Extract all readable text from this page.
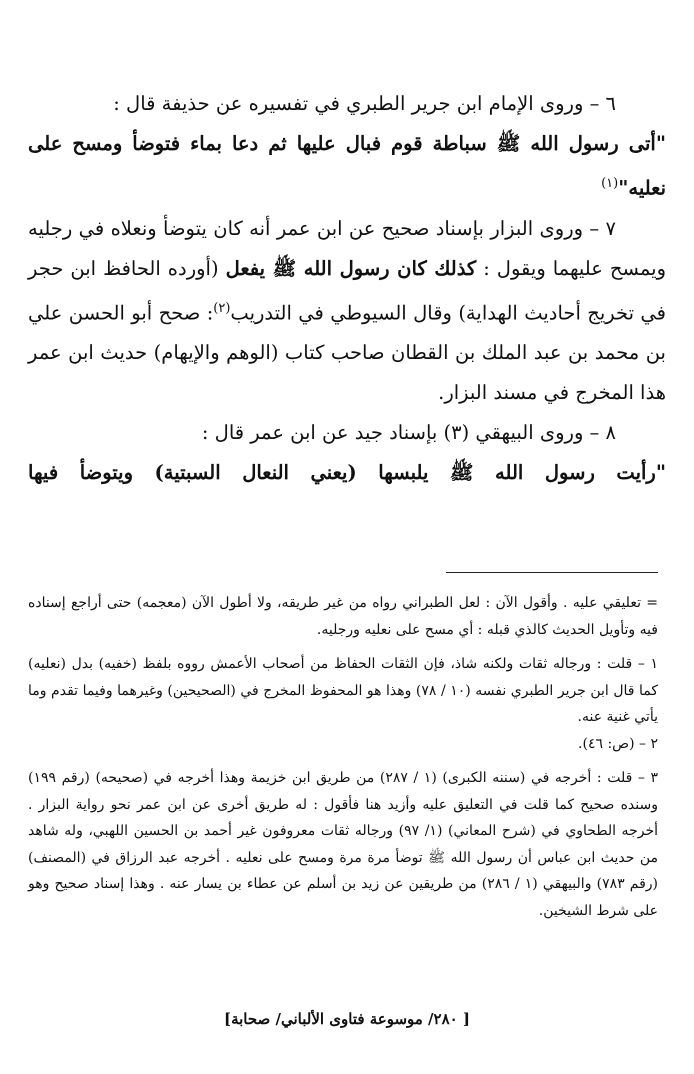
٦ – وروى الإمام ابن جرير الطبري في تفسيره عن حذيفة قال :

"أتى رسول الله ﷺ سباطة قوم فبال عليها ثم دعا بماء فتوضأ ومسح على نعليه"$^{(١)}$

٧ – وروى البزار بإسناد صحيح عن ابن عمر أنه كان يتوضأ ونعلاه في رجليه ويمسح عليهما ويقول : كذلك كان رسول الله ﷺ يفعل (أورده الحافظ ابن حجر في تخريج أحاديث الهداية) وقال السيوطي في التدريب$^{(٢)}$: صحح أبو الحسن علي بن محمد بن عبد الملك بن القطان صاحب كتاب (الوهم والإيهام) حديث ابن عمر هذا المخرج في مسند البزار.

٨ – وروى البيهقي (٣) بإسناد جيد عن ابن عمر قال :

"رأيت رسول الله ﷺ يلبسها (يعني النعال السبتية) ويتوضأ فيها

= تعليقي عليه . وأقول الآن : لعل الطبراني رواه من غير طريقه، ولا أطول الآن (معجمه) حتى أراجع إسناده فيه وتأويل الحديث كالذي قبله : أي مسح على نعليه ورجليه.

١ – قلت : ورجاله ثقات ولكنه شاذ، فإن الثقات الحفاظ من أصحاب الأعمش رووه بلفظ (خفيه) بدل (نعليه) كما قال ابن جرير الطبري نفسه (١٠ / ٧٨) وهذا هو المحفوظ المخرج في (الصحيحين) وغيرهما وفيما تقدم وما يأتي غنية عنه.

٢ – (ص: ٤٦).

٣ – قلت : أخرجه في (سننه الكبرى) (١ / ٢٨٧) من طريق ابن خزيمة وهذا أخرجه في (صحيحه) (رقم ١٩٩) وسنده صحيح كما قلت في التعليق عليه وأزيد هنا فأقول : له طريق أخرى عن ابن عمر نحو رواية البزار . أخرجه الطحاوي في (شرح المعاني) (١/ ٩٧) ورجاله ثقات معروفون غير أحمد بن الحسين اللهبي، وله شاهد من حديث ابن عباس أن رسول الله ﷺ توضأ مرة مرة ومسح على نعليه . أخرجه عبد الرزاق في (المصنف) (رقم ٧٨٣) والبيهقي (١ / ٢٨٦) من طريقين عن زيد بن أسلم عن عطاء بن يسار عنه . وهذا إسناد صحيح وهو على شرط الشيخين.

[ ٢٨٠/ موسوعة فتاوى الألباني/ صحابة]
